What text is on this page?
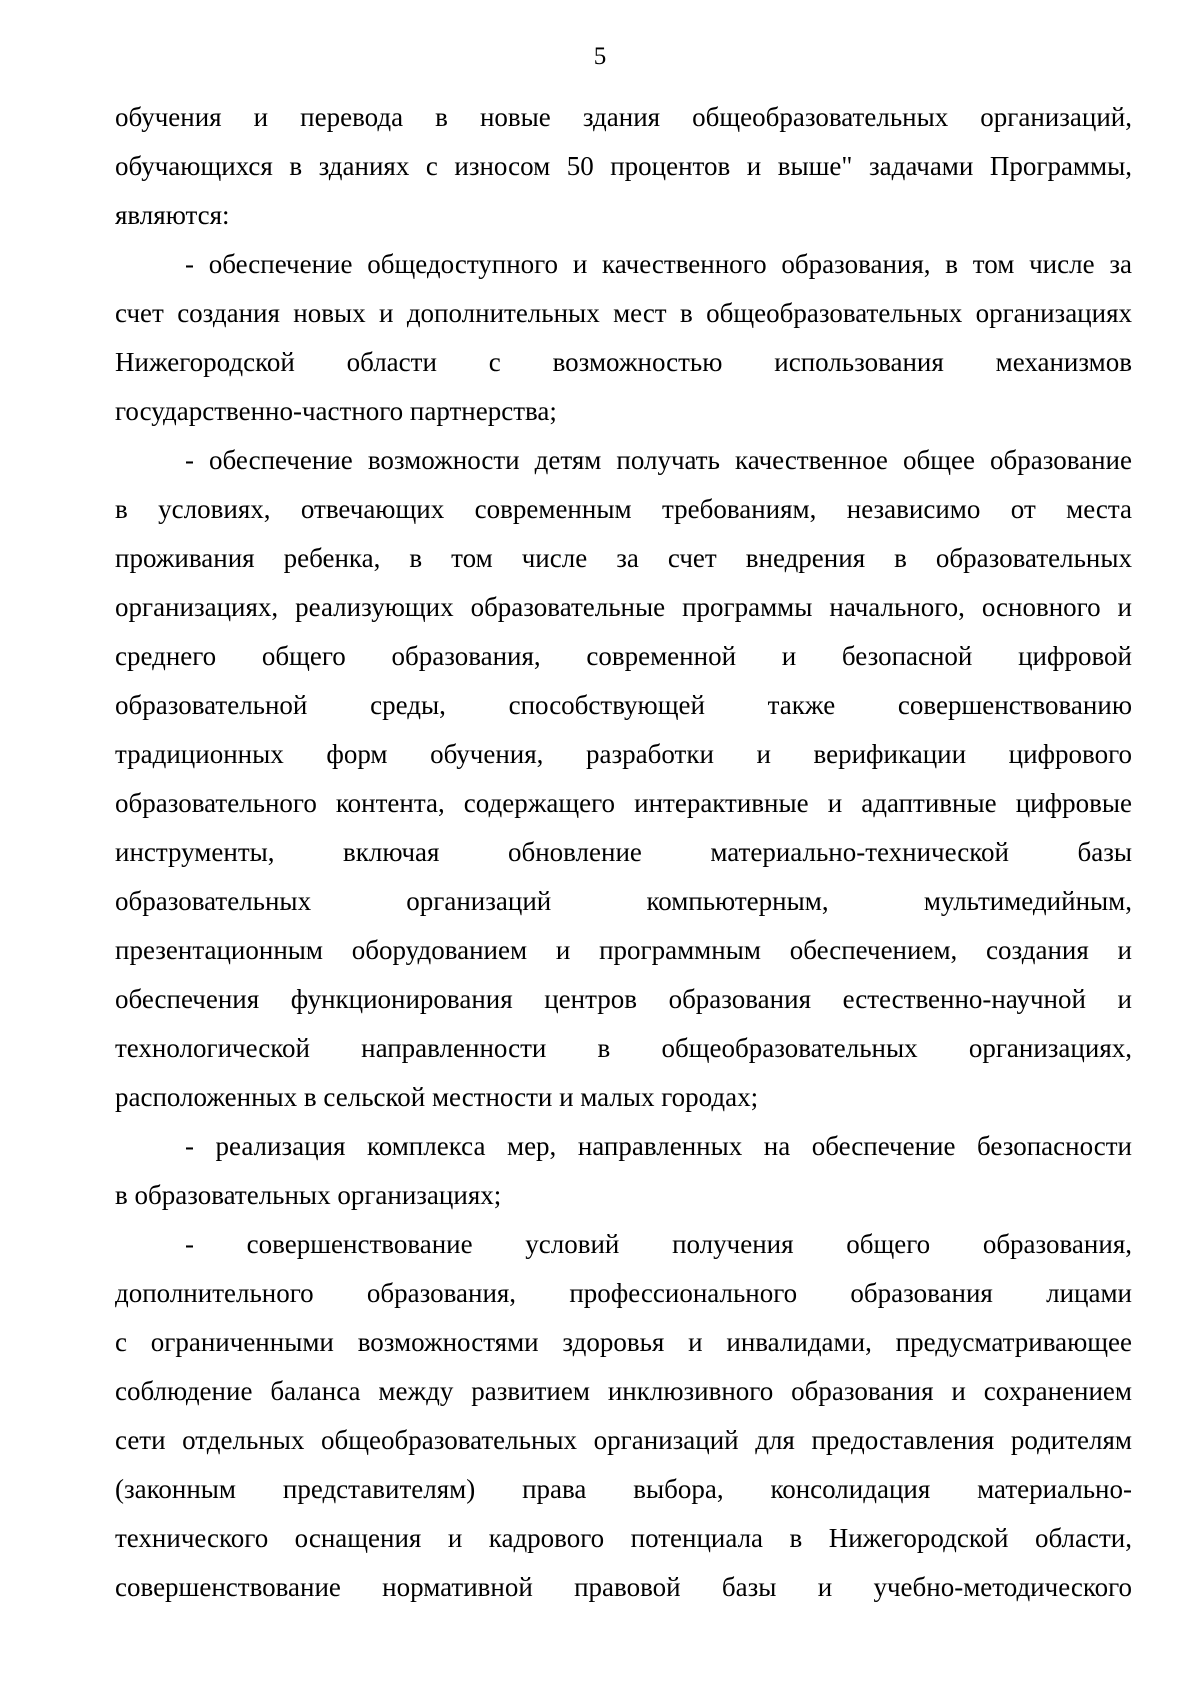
5
обучения и перевода в новые здания общеобразовательных организаций,
обучающихся в зданиях с износом 50 процентов и выше" задачами Программы,
являются:
- обеспечение общедоступного и качественного образования, в том числе за
счет создания новых и дополнительных мест в общеобразовательных организациях
Нижегородской области с возможностью использования механизмов
государственно-частного партнерства;
- обеспечение возможности детям получать качественное общее образование
в условиях, отвечающих современным требованиям, независимо от места
проживания ребенка, в том числе за счет внедрения в образовательных
организациях, реализующих образовательные программы начального, основного и
среднего общего образования, современной и безопасной цифровой
образовательной среды, способствующей также совершенствованию
традиционных форм обучения, разработки и верификации цифрового
образовательного контента, содержащего интерактивные и адаптивные цифровые
инструменты, включая обновление материально-технической базы
образовательных организаций компьютерным, мультимедийным,
презентационным оборудованием и программным обеспечением, создания и
обеспечения функционирования центров образования естественно-научной и
технологической направленности в общеобразовательных организациях,
расположенных в сельской местности и малых городах;
- реализация комплекса мер, направленных на обеспечение безопасности
в образовательных организациях;
- совершенствование условий получения общего образования,
дополнительного образования, профессионального образования лицами
с ограниченными возможностями здоровья и инвалидами, предусматривающее
соблюдение баланса между развитием инклюзивного образования и сохранением
сети отдельных общеобразовательных организаций для предоставления родителям
(законным представителям) права выбора, консолидация материально-
технического оснащения и кадрового потенциала в Нижегородской области,
совершенствование нормативной правовой базы и учебно-методического
